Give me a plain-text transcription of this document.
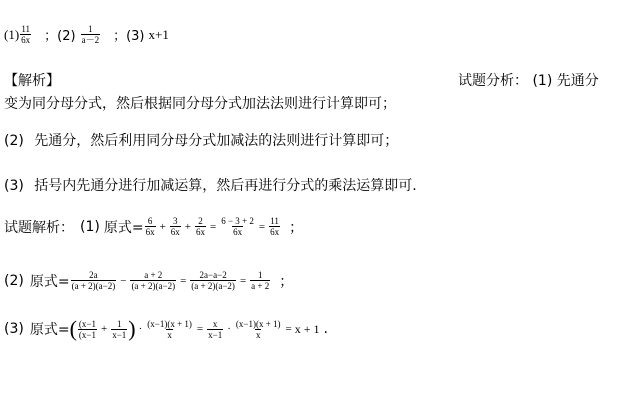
$(1) \frac{11}{6x}$ ；$(2) \frac{1}{a-2}$ ；(3) x+1
【解析】	试题分析： (1) 先通分
变为同分母分式，然后根据同分母分式加法法则进行计算即可；
(2) 先通分，然后利用同分母分式加减法的法则进行计算即可；
(3) 括号内先通分进行加减运算，然后再进行分式的乘法运算即可.
试题解析： (1) 原式= $\frac{6}{6x} + \frac{3}{6x} + \frac{2}{6x} = \frac{6 - 3 + 2}{6x} = \frac{11}{6x}$ ；
(2) 原式= $\frac{2a}{(a + 2)(a-2)} - \frac{a + 2}{(a + 2)(a-2)} = \frac{2a-a-2}{(a + 2)(a-2)} = \frac{1}{a + 2}$ ；
(3) 原式= ( $\frac{(x-1}{(x-1} + \frac{1}{x-1}$ ) · $\frac{(x-1)(x + 1)}{x} = \frac{x}{x-1} \cdot \frac{(x-1)(x + 1)}{x} = x + 1$ .
